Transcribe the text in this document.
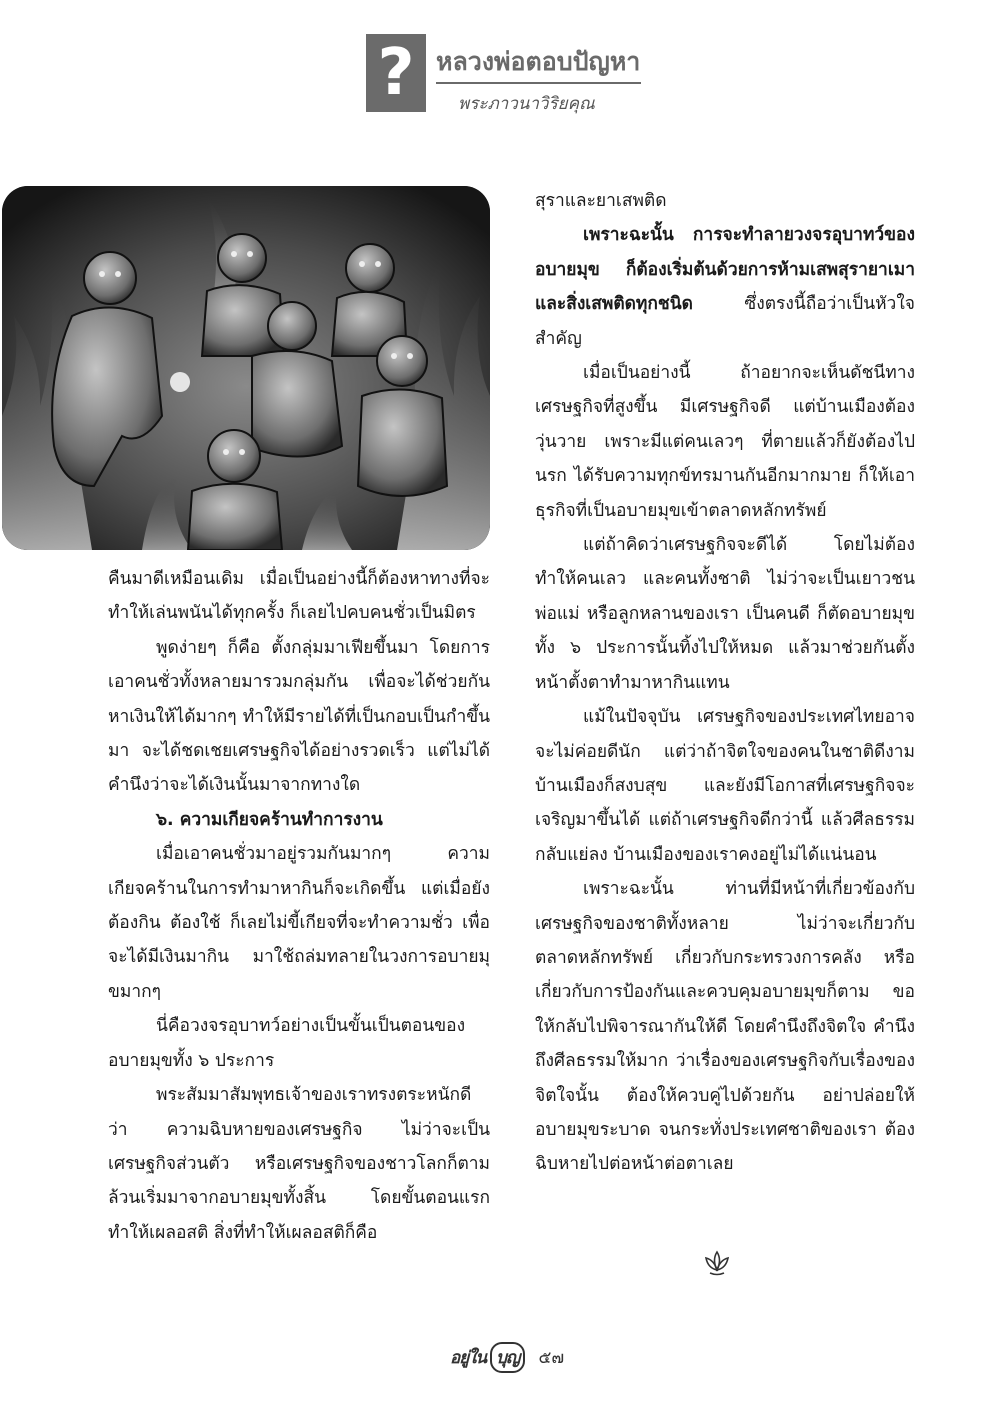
? หลวงพ่อตอบปัญหา
พระภาวนาวิริยคุณ

คืนมาดีเหมือนเดิม เมื่อเป็นอย่างนี้ก็ต้องหาทางที่จะทำให้เล่นพนันได้ทุกครั้ง ก็เลยไปคบคนชั่วเป็นมิตร

พูดง่ายๆ ก็คือ ตั้งกลุ่มมาเฟียขึ้นมา โดยการเอาคนชั่วทั้งหลายมารวมกลุ่มกัน เพื่อจะได้ช่วยกันหาเงินให้ได้มากๆ ทำให้มีรายได้ที่เป็นกอบเป็นกำขึ้นมา จะได้ชดเชยเศรษฐกิจได้อย่างรวดเร็ว แต่ไม่ได้คำนึงว่าจะได้เงินนั้นมาจากทางใด

๖. ความเกียจคร้านทำการงาน

เมื่อเอาคนชั่วมาอยู่รวมกันมากๆ ความเกียจคร้านในการทำมาหากินก็จะเกิดขึ้น แต่เมื่อยังต้องกิน ต้องใช้ ก็เลยไม่ขี้เกียจที่จะทำความชั่ว เพื่อจะได้มีเงินมากิน มาใช้ถล่มทลายในวงการอบายมุขมากๆ

นี่คือวงจรอุบาทว์อย่างเป็นขั้นเป็นตอนของอบายมุขทั้ง ๖ ประการ

พระสัมมาสัมพุทธเจ้าของเราทรงตระหนักดีว่า ความฉิบหายของเศรษฐกิจ ไม่ว่าจะเป็นเศรษฐกิจส่วนตัว หรือเศรษฐกิจของชาวโลกก็ตาม ล้วนเริ่มมาจากอบายมุขทั้งสิ้น โดยขั้นตอนแรกทำให้เผลอสติ สิ่งที่ทำให้เผลอสติก็คือ

สุราและยาเสพติด

เพราะฉะนั้น การจะทำลายวงจรอุบาทว์ของอบายมุข ก็ต้องเริ่มต้นด้วยการห้ามเสพสุรายาเมา และสิ่งเสพติดทุกชนิด ซึ่งตรงนี้ถือว่าเป็นหัวใจสำคัญ

เมื่อเป็นอย่างนี้ ถ้าอยากจะเห็นดัชนีทางเศรษฐกิจที่สูงขึ้น มีเศรษฐกิจดี แต่บ้านเมืองต้องวุ่นวาย เพราะมีแต่คนเลวๆ ที่ตายแล้วก็ยังต้องไปนรก ได้รับความทุกข์ทรมานกันอีกมากมาย ก็ให้เอาธุรกิจที่เป็นอบายมุขเข้าตลาดหลักทรัพย์

แต่ถ้าคิดว่าเศรษฐกิจจะดีได้ โดยไม่ต้องทำให้คนเลว และคนทั้งชาติ ไม่ว่าจะเป็นเยาวชน พ่อแม่ หรือลูกหลานของเรา เป็นคนดี ก็ตัดอบายมุขทั้ง ๖ ประการนั้นทิ้งไปให้หมด แล้วมาช่วยกันตั้งหน้าตั้งตาทำมาหากินแทน

แม้ในปัจจุบัน เศรษฐกิจของประเทศไทยอาจจะไม่ค่อยดีนัก แต่ว่าถ้าจิตใจของคนในชาติดีงาม บ้านเมืองก็สงบสุข และยังมีโอกาสที่เศรษฐกิจจะเจริญมาขึ้นได้ แต่ถ้าเศรษฐกิจดีกว่านี้ แล้วศีลธรรมกลับแย่ลง บ้านเมืองของเราคงอยู่ไม่ได้แน่นอน

เพราะฉะนั้น ท่านที่มีหน้าที่เกี่ยวข้องกับเศรษฐกิจของชาติทั้งหลาย ไม่ว่าจะเกี่ยวกับตลาดหลักทรัพย์ เกี่ยวกับกระทรวงการคลัง หรือเกี่ยวกับการป้องกันและควบคุมอบายมุขก็ตาม ขอให้กลับไปพิจารณากันให้ดี โดยคำนึงถึงจิตใจ คำนึงถึงศีลธรรมให้มาก ว่าเรื่องของเศรษฐกิจกับเรื่องของจิตใจนั้น ต้องให้ควบคู่ไปด้วยกัน อย่าปล่อยให้อบายมุขระบาด จนกระทั่งประเทศชาติของเรา ต้องฉิบหายไปต่อหน้าต่อตาเลย

อยู่ใน บุญ ๕๗
